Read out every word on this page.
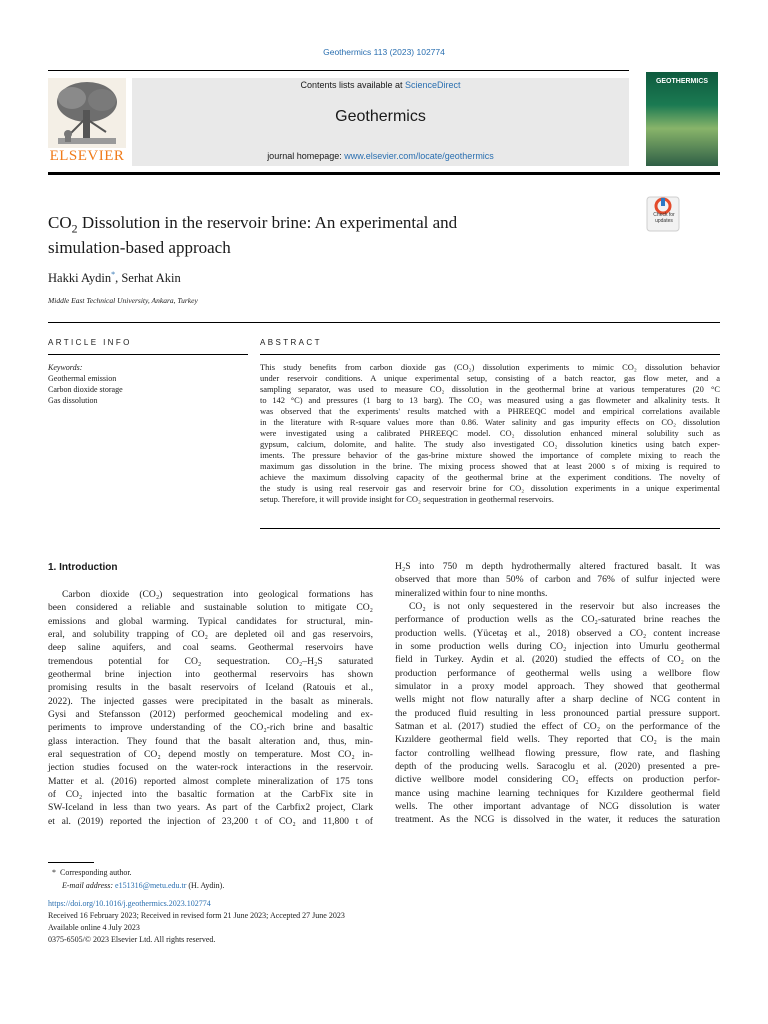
Geothermics 113 (2023) 102774
ELSEVIER
Contents lists available at ScienceDirect
Geothermics
journal homepage: www.elsevier.com/locate/geothermics
GEOTHERMICS
Check for updates
$CO_2$ Dissolution in the reservoir brine: An experimental and
simulation-based approach
Hakki Aydin*, Serhat Akin
Middle East Technical University, Ankara, Turkey
ARTICLE INFO
Keywords:
Geothermal emission
Carbon dioxide storage
Gas dissolution
ABSTRACT
This study benefits from carbon dioxide gas (CO₂) dissolution experiments to mimic CO₂ dissolution behavior
under reservoir conditions. A unique experimental setup, consisting of a batch reactor, gas flow meter, and a
sampling separator, was used to measure CO₂ dissolution in the geothermal brine at various temperatures (20 °C
to 142 °C) and pressures (1 barg to 13 barg). The CO₂ was measured using a gas flowmeter and alkalinity tests. It
was observed that the experiments' results matched with a PHREEQC model and empirical correlations available
in the literature with R-square values more than 0.86. Water salinity and gas impurity effects on CO₂ dissolution
were investigated using a calibrated PHREEQC model. CO₂ dissolution enhanced mineral solubility such as
gypsum, calcium, dolomite, and halite. The study also investigated CO₂ dissolution kinetics using batch exper-
iments. The pressure behavior of the gas-brine mixture showed the importance of complete mixing to reach the
maximum gas dissolution in the brine. The mixing process showed that at least 2000 s of mixing is required to
achieve the maximum dissolving capacity of the geothermal brine at the experiment conditions. The novelty of
the study is using real reservoir gas and reservoir brine for CO₂ dissolution experiments in a unique experimental
setup. Therefore, it will provide insight for CO₂ sequestration in geothermal reservoirs.
1. Introduction
Carbon dioxide (CO₂) sequestration into geological formations has
been considered a reliable and sustainable solution to mitigate CO₂
emissions and global warming. Typical candidates for structural, min-
eral, and solubility trapping of CO₂ are depleted oil and gas reservoirs,
deep saline aquifers, and coal seams. Geothermal reservoirs have
tremendous potential for CO₂ sequestration. CO₂–H₂S saturated
geothermal brine injection into geothermal reservoirs has shown
promising results in the basalt reservoirs of Iceland (Ratouis et al.,
2022). The injected gasses were precipitated in the basalt as minerals.
Gysi and Stefansson (2012) performed geochemical modeling and ex-
periments to improve understanding of the CO₂-rich brine and basaltic
glass interaction. They found that the basalt alteration and, thus, min-
eral sequestration of CO₂ depend mostly on temperature. Most CO₂ in-
jection studies focused on the water-rock interactions in the reservoir.
Matter et al. (2016) reported almost complete mineralization of 175 tons
of CO₂ injected into the basaltic formation at the CarbFix site in
SW-Iceland in less than two years. As part of the Carbfix2 project, Clark
et al. (2019) reported the injection of 23,200 t of CO₂ and 11,800 t of
H₂S into 750 m depth hydrothermally altered fractured basalt. It was
observed that more than 50% of carbon and 76% of sulfur injected were
mineralized within four to nine months.
CO₂ is not only sequestered in the reservoir but also increases the
performance of production wells as the CO₂-saturated brine reaches the
production wells. (Yücetaş et al., 2018) observed a CO₂ content increase
in some production wells during CO₂ injection into Umurlu geothermal
field in Turkey. Aydin et al. (2020) studied the effects of CO₂ on the
production performance of geothermal wells using a wellbore flow
simulator in a proxy model approach. They showed that geothermal
wells might not flow naturally after a sharp decline of NCG content in
the produced fluid resulting in less pronounced partial pressure support.
Satman et al. (2017) studied the effect of CO₂ on the performance of the
Kızıldere geothermal field wells. They reported that CO₂ is the main
factor controlling wellhead flowing pressure, flow rate, and flashing
depth of the producing wells. Saracoglu et al. (2020) presented a pre-
dictive wellbore model considering CO₂ effects on production perfor-
mance using machine learning techniques for Kızıldere geothermal field
wells. The other important advantage of NCG dissolution is water
treatment. As the NCG is dissolved in the water, it reduces the saturation
* Corresponding author.
E-mail address: e151316@metu.edu.tr (H. Aydin).
https://doi.org/10.1016/j.geothermics.2023.102774
Received 16 February 2023; Received in revised form 21 June 2023; Accepted 27 June 2023
Available online 4 July 2023
0375-6505/© 2023 Elsevier Ltd. All rights reserved.
